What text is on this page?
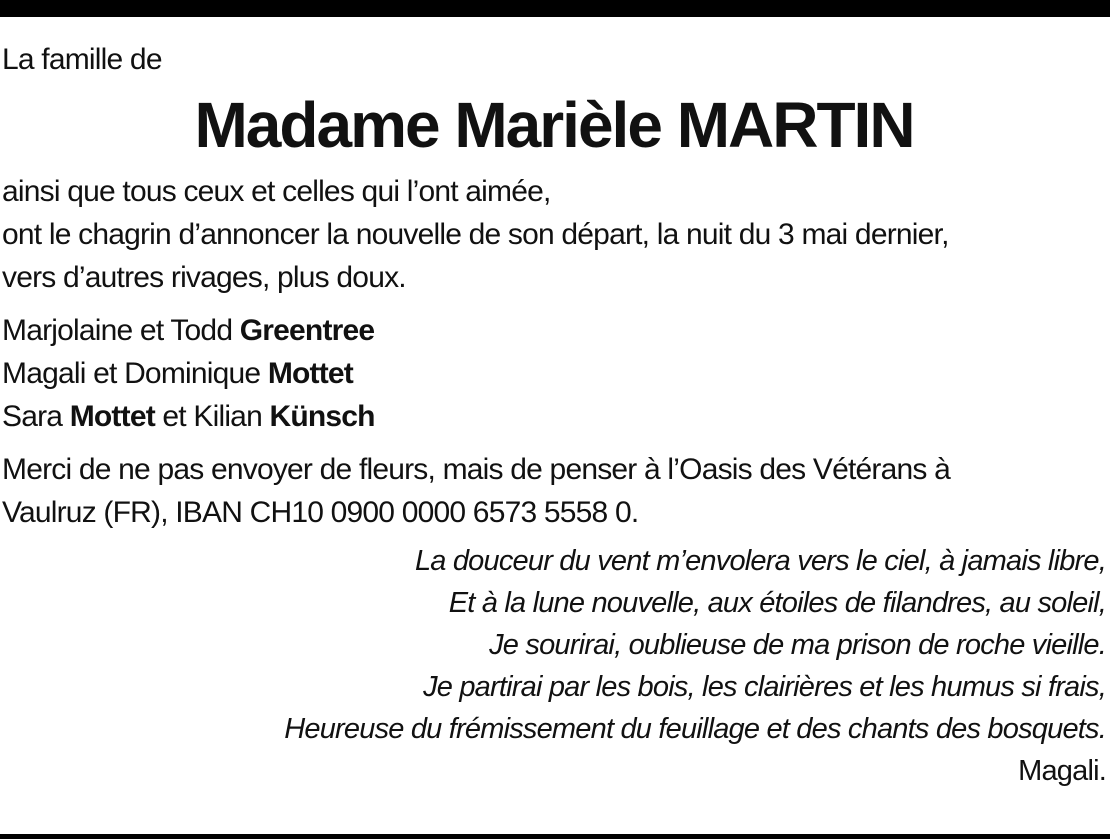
La famille de
Madame Marièle MARTIN
ainsi que tous ceux et celles qui l’ont aimée,
ont le chagrin d’annoncer la nouvelle de son départ, la nuit du 3 mai dernier,
vers d’autres rivages, plus doux.
Marjolaine et Todd Greentree
Magali et Dominique Mottet
Sara Mottet et Kilian Künsch
Merci de ne pas envoyer de fleurs, mais de penser à l’Oasis des Vétérans à
Vaulruz (FR), IBAN CH10 0900 0000 6573 5558 0.
La douceur du vent m’envolera vers le ciel, à jamais libre,
Et à la lune nouvelle, aux étoiles de filandres, au soleil,
Je sourirai, oublieuse de ma prison de roche vieille.
Je partirai par les bois, les clairières et les humus si frais,
Heureuse du frémissement du feuillage et des chants des bosquets.
Magali.
